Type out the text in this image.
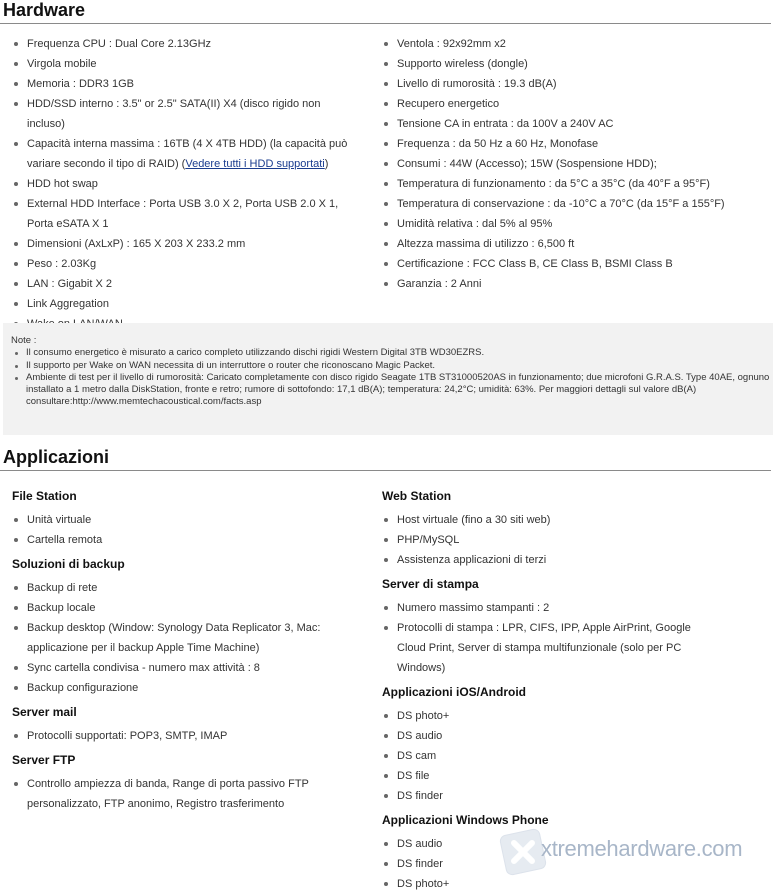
Hardware
Frequenza CPU : Dual Core 2.13GHz
Virgola mobile
Memoria : DDR3 1GB
HDD/SSD interno : 3.5" or 2.5" SATA(II) X4 (disco rigido non incluso)
Capacità interna massima : 16TB (4 X 4TB HDD) (la capacità può variare secondo il tipo di RAID) (Vedere tutti i HDD supportati)
HDD hot swap
External HDD Interface : Porta USB 3.0 X 2, Porta USB 2.0 X 1, Porta eSATA X 1
Dimensioni (AxLxP) : 165 X 203 X 233.2 mm
Peso : 2.03Kg
LAN : Gigabit X 2
Link Aggregation
Ventola : 92x92mm x2
Supporto wireless (dongle)
Livello di rumorosità : 19.3 dB(A)
Recupero energetico
Tensione CA in entrata : da 100V a 240V AC
Frequenza : da 50 Hz a 60 Hz, Monofase
Consumi : 44W (Accesso); 15W (Sospensione HDD);
Temperatura di funzionamento : da 5°C a 35°C (da 40°F a 95°F)
Temperatura di conservazione : da -10°C a 70°C (da 15°F a 155°F)
Umidità relativa : dal 5% al 95%
Altezza massima di utilizzo : 6,500 ft
Certificazione : FCC Class B, CE Class B, BSMI Class B
Garanzia : 2 Anni
Note :
Il consumo energetico è misurato a carico completo utilizzando dischi rigidi Western Digital 3TB WD30EZRS.
Il supporto per Wake on WAN necessita di un interruttore o router che riconoscano Magic Packet.
Ambiente di test per il livello di rumorosità: Caricato completamente con disco rigido Seagate 1TB ST31000520AS in funzionamento; due microfoni G.R.A.S. Type 40AE, ognuno installato a 1 metro dalla DiskStation, fronte e retro; rumore di sottofondo: 17,1 dB(A); temperatura: 24,2°C; umidità: 63%. Per maggiori dettagli sul valore dB(A) consultare:http://www.memtechacoustical.com/facts.asp
Applicazioni
File Station
Unità virtuale
Cartella remota
Soluzioni di backup
Backup di rete
Backup locale
Backup desktop (Window: Synology Data Replicator 3, Mac: applicazione per il backup Apple Time Machine)
Sync cartella condivisa - numero max attività : 8
Backup configurazione
Server mail
Protocolli supportati: POP3, SMTP, IMAP
Server FTP
Controllo ampiezza di banda, Range di porta passivo FTP personalizzato, FTP anonimo, Registro trasferimento
Web Station
Host virtuale (fino a 30 siti web)
PHP/MySQL
Assistenza applicazioni di terzi
Server di stampa
Numero massimo stampanti : 2
Protocolli di stampa : LPR, CIFS, IPP, Apple AirPrint, Google Cloud Print, Server di stampa multifunzionale (solo per PC Windows)
Applicazioni iOS/Android
DS photo+
DS audio
DS cam
DS file
DS finder
Applicazioni Windows Phone
DS audio
DS finder
DS photo+
xtremehardware.com
